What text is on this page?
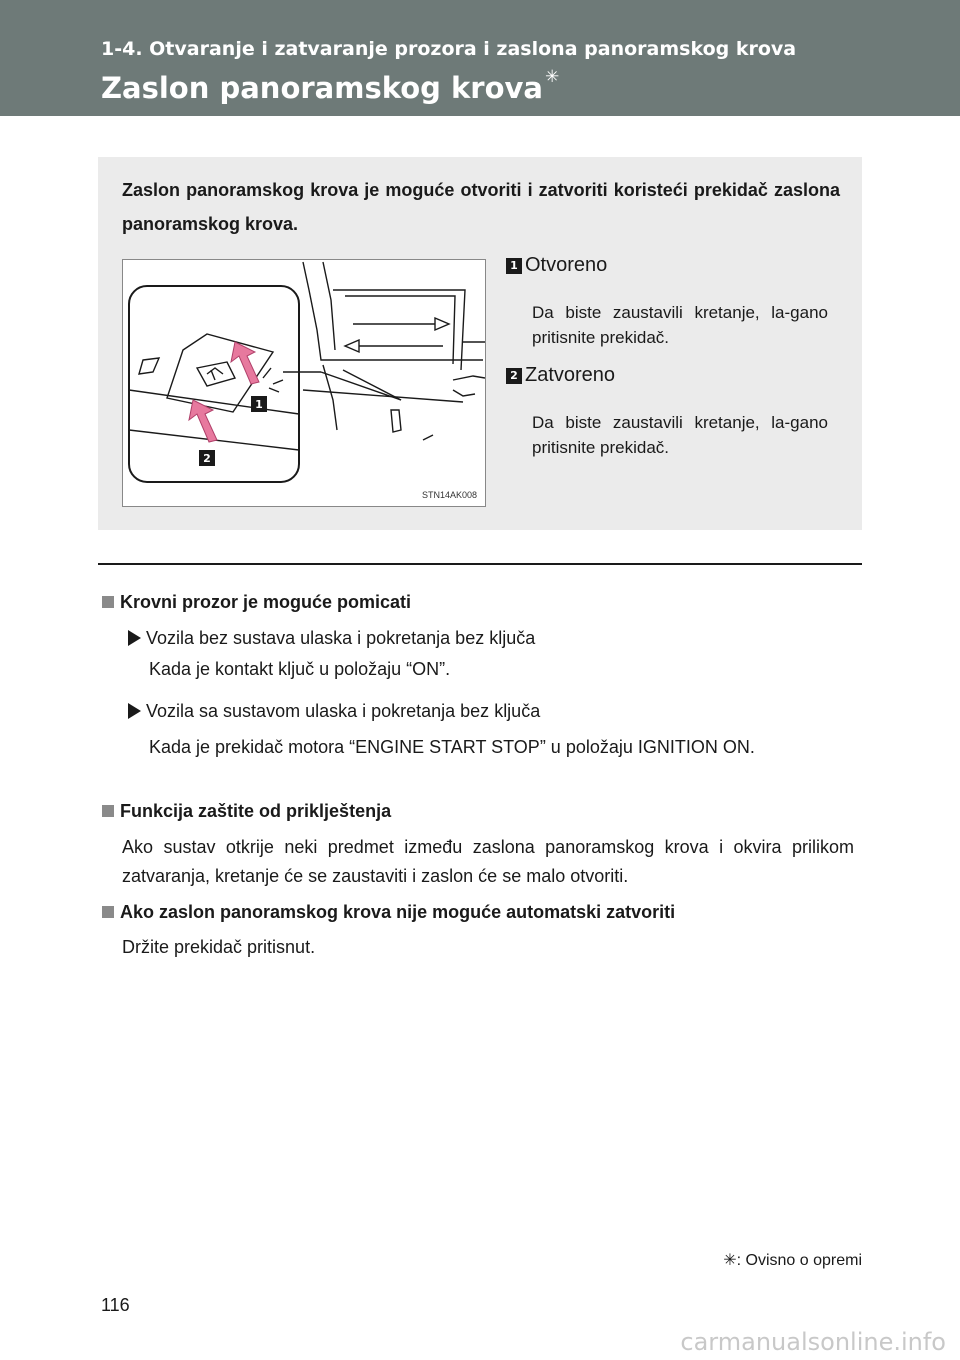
1-4. Otvaranje i zatvaranje prozora i zaslona panoramskog krova
Zaslon panoramskog krova ✳
Zaslon panoramskog krova je moguće otvoriti i zatvoriti koristeći prekidač zaslona panoramskog krova.
1
2
STN14AK008
1 Otvoreno
Da biste zaustavili kretanje, la-gano pritisnite prekidač.
2 Zatvoreno
Da biste zaustavili kretanje, la-gano pritisnite prekidač.
Krovni prozor je moguće pomicati
Vozila bez sustava ulaska i pokretanja bez ključa
Kada je kontakt ključ u položaju “ON”.
Vozila sa sustavom ulaska i pokretanja bez ključa
Kada je prekidač motora “ENGINE START STOP” u položaju IGNITION ON.
Funkcija zaštite od priklještenja
Ako sustav otkrije neki predmet između zaslona panoramskog krova i okvira prilikom zatvaranja, kretanje će se zaustaviti i zaslon će se malo otvoriti.
Ako zaslon panoramskog krova nije moguće automatski zatvoriti
Držite prekidač pritisnut.
✳: Ovisno o opremi
116
carmanualsonline.info
